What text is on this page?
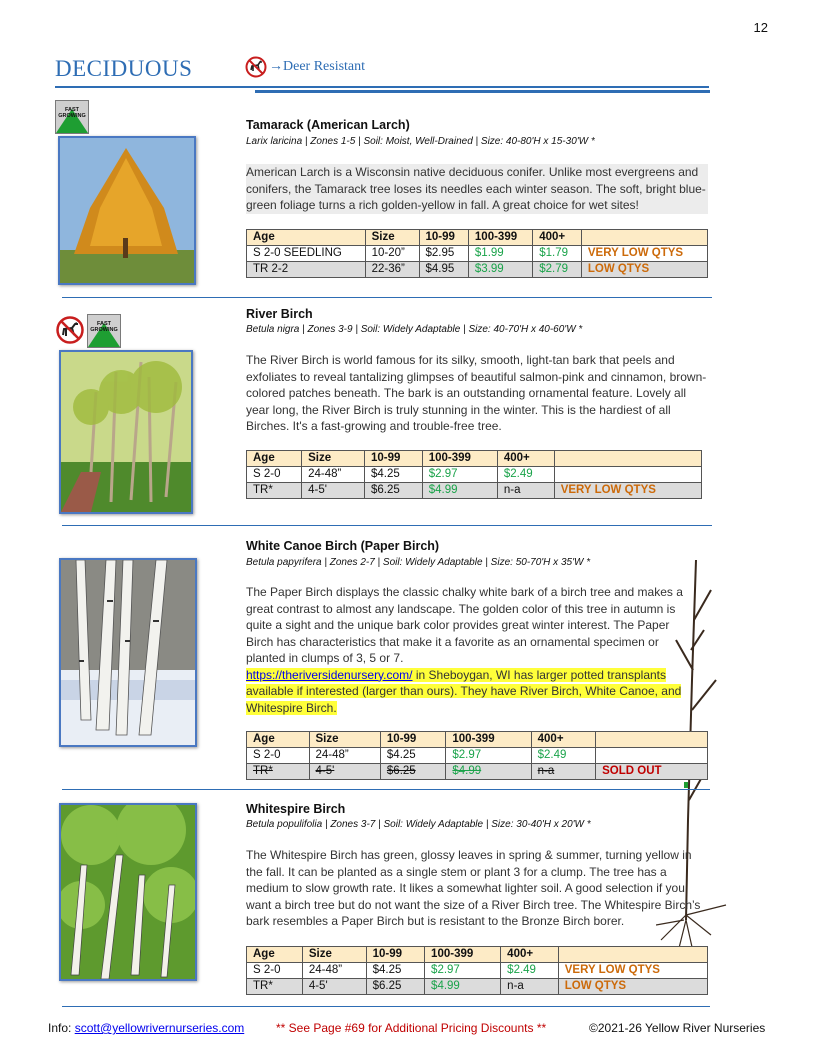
12
DECIDUOUS	→Deer Resistant
FAST GROWING
Tamarack (American Larch)
Larix laricina | Zones 1-5 | Soil: Moist, Well-Drained | Size: 40-80'H x 15-30'W *
American Larch is a Wisconsin native deciduous conifer. Unlike most evergreens and conifers, the Tamarack tree loses its needles each winter season. The soft, bright blue-green foliage turns a rich golden-yellow in fall. A great choice for wet sites!
Age	Size	10-99	100-399	400+	
S 2-0 SEEDLING	10-20”	$2.95	$1.99	$1.79	VERY LOW QTYS
TR 2-2	22-36”	$4.95	$3.99	$2.79	LOW QTYS
FAST GROWING
River Birch
Betula nigra | Zones 3-9 | Soil: Widely Adaptable | Size: 40-70'H x 40-60'W *
The River Birch is world famous for its silky, smooth, light-tan bark that peels and exfoliates to reveal tantalizing glimpses of beautiful salmon-pink and cinnamon, brown-colored patches beneath. The bark is an outstanding ornamental feature. Lovely all year long, the River Birch is truly stunning in the winter. This is the hardiest of all Birches. It's a fast-growing and trouble-free tree.
Age	Size	10-99	100-399	400+	
S 2-0	24-48”	$4.25	$2.97	$2.49	
TR*	4-5'	$6.25	$4.99	n-a	VERY LOW QTYS
White Canoe Birch (Paper Birch)
Betula papyrifera | Zones 2-7 | Soil: Widely Adaptable | Size: 50-70'H x 35'W *
The Paper Birch displays the classic chalky white bark of a birch tree and makes a great contrast to almost any landscape. The golden color of this tree in autumn is quite a sight and the unique bark color provides great winter interest. The Paper Birch has characteristics that make it a favorite as an ornamental specimen or planted in clumps of 3, 5 or 7.
https://theriversidenursery.com/ in Sheboygan, WI has larger potted transplants available if interested (larger than ours). They have River Birch, White Canoe, and Whitespire Birch.
Age	Size	10-99	100-399	400+	
S 2-0	24-48”	$4.25	$2.97	$2.49	
TR*	4-5'	$6.25	$4.99	n-a	SOLD OUT
Whitespire Birch
Betula populifolia | Zones 3-7 | Soil: Widely Adaptable | Size: 30-40'H x 20'W *
The Whitespire Birch has green, glossy leaves in spring & summer, turning yellow in the fall. It can be planted as a single stem or plant 3 for a clump. The tree has a medium to slow growth rate. It likes a somewhat lighter soil. A good selection if you want a birch tree but do not want the size of a River Birch tree. The Whitespire Birch’s bark resembles a Paper Birch but is resistant to the Bronze Birch borer.
Age	Size	10-99	100-399	400+	
S 2-0	24-48”	$4.25	$2.97	$2.49	VERY LOW QTYS
TR*	4-5'	$6.25	$4.99	n-a	LOW QTYS
Info: scott@yellowrivernurseries.com	** See Page #69 for Additional Pricing Discounts **	©2021-26 Yellow River Nurseries
